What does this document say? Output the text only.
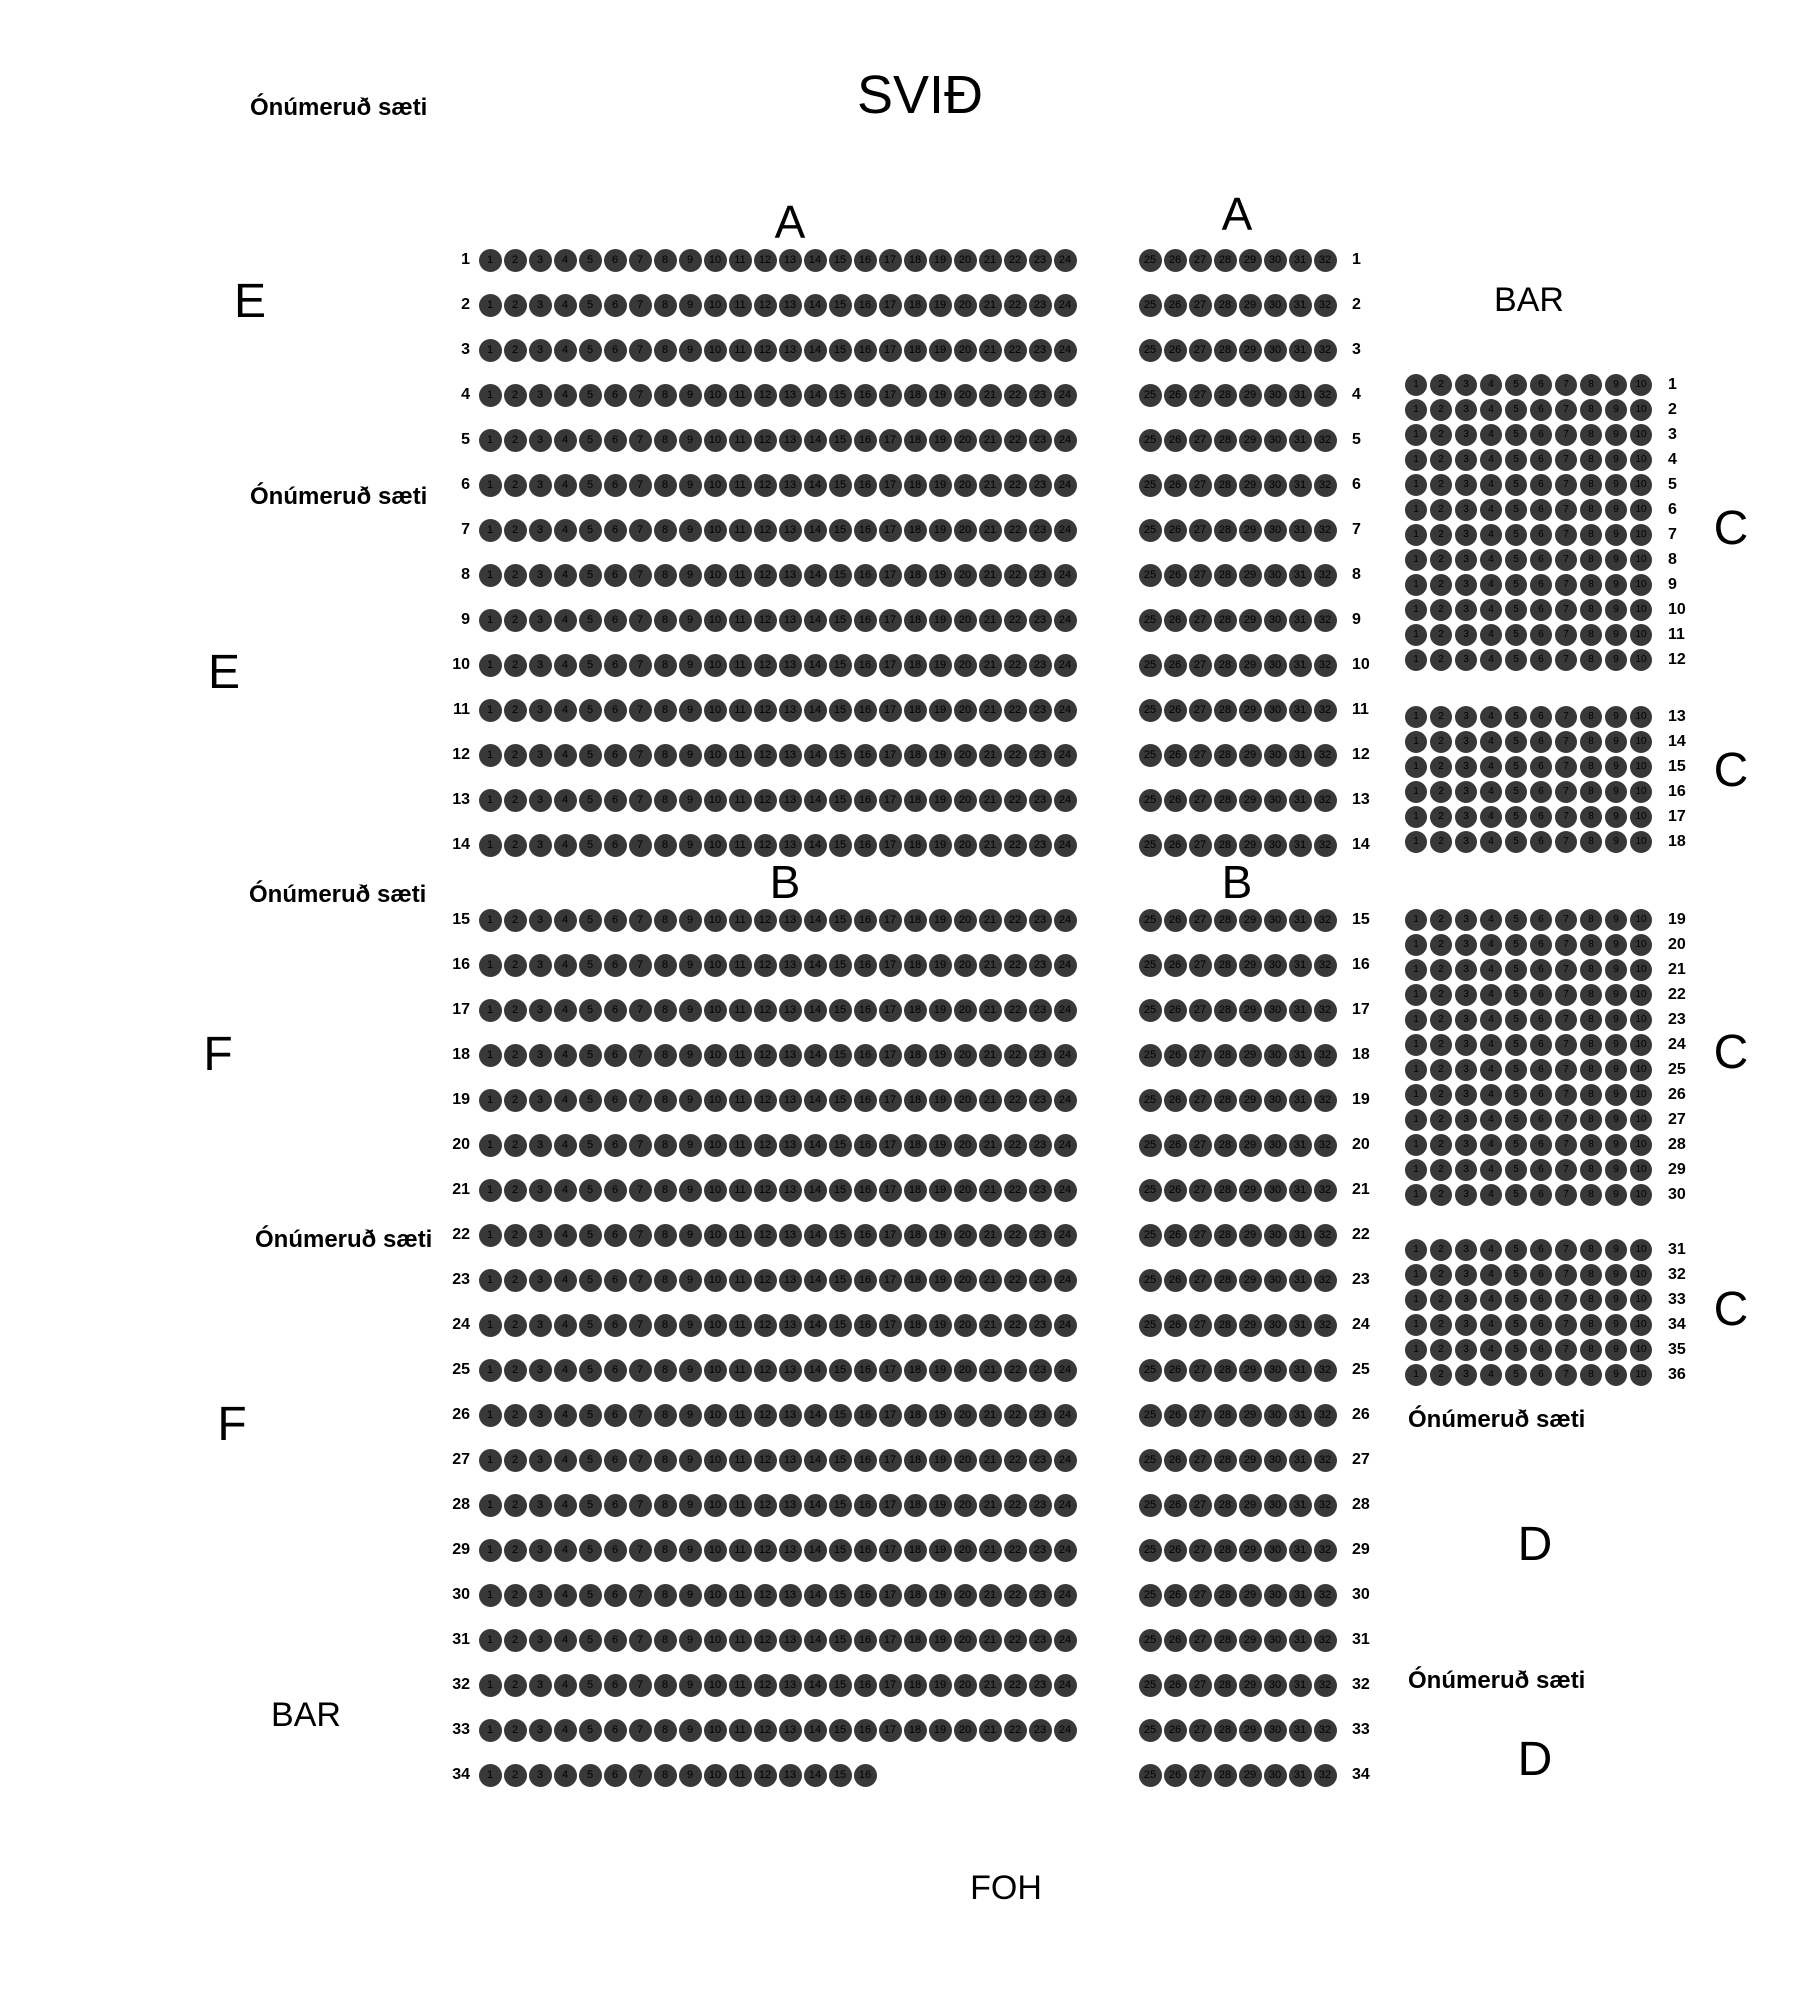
SVIÐ
FOH
BAR
BAR
A	A
B	B
E
E
F
F
C
C
C
C
D
D
Ónúmeruð sæti
Ónúmeruð sæti
Ónúmeruð sæti
Ónúmeruð sæti
Ónúmeruð sæti
Ónúmeruð sæti
1	1	2	3	4	5	6	7	8	9	10	11	12	13	14	15	16	17	18	19	20	21	22	23	24	25	26	27	28	29	30	31	32	1
2	1	2	3	4	5	6	7	8	9	10	11	12	13	14	15	16	17	18	19	20	21	22	23	24	25	26	27	28	29	30	31	32	2
3	1	2	3	4	5	6	7	8	9	10	11	12	13	14	15	16	17	18	19	20	21	22	23	24	25	26	27	28	29	30	31	32	3
4	1	2	3	4	5	6	7	8	9	10	11	12	13	14	15	16	17	18	19	20	21	22	23	24	25	26	27	28	29	30	31	32	4
5	1	2	3	4	5	6	7	8	9	10	11	12	13	14	15	16	17	18	19	20	21	22	23	24	25	26	27	28	29	30	31	32	5
6	1	2	3	4	5	6	7	8	9	10	11	12	13	14	15	16	17	18	19	20	21	22	23	24	25	26	27	28	29	30	31	32	6
7	1	2	3	4	5	6	7	8	9	10	11	12	13	14	15	16	17	18	19	20	21	22	23	24	25	26	27	28	29	30	31	32	7
8	1	2	3	4	5	6	7	8	9	10	11	12	13	14	15	16	17	18	19	20	21	22	23	24	25	26	27	28	29	30	31	32	8
9	1	2	3	4	5	6	7	8	9	10	11	12	13	14	15	16	17	18	19	20	21	22	23	24	25	26	27	28	29	30	31	32	9
10	1	2	3	4	5	6	7	8	9	10	11	12	13	14	15	16	17	18	19	20	21	22	23	24	25	26	27	28	29	30	31	32	10
11	1	2	3	4	5	6	7	8	9	10	11	12	13	14	15	16	17	18	19	20	21	22	23	24	25	26	27	28	29	30	31	32	11
12	1	2	3	4	5	6	7	8	9	10	11	12	13	14	15	16	17	18	19	20	21	22	23	24	25	26	27	28	29	30	31	32	12
13	1	2	3	4	5	6	7	8	9	10	11	12	13	14	15	16	17	18	19	20	21	22	23	24	25	26	27	28	29	30	31	32	13
14	1	2	3	4	5	6	7	8	9	10	11	12	13	14	15	16	17	18	19	20	21	22	23	24	25	26	27	28	29	30	31	32	14
15	1	2	3	4	5	6	7	8	9	10	11	12	13	14	15	16	17	18	19	20	21	22	23	24	25	26	27	28	29	30	31	32	15
16	1	2	3	4	5	6	7	8	9	10	11	12	13	14	15	16	17	18	19	20	21	22	23	24	25	26	27	28	29	30	31	32	16
17	1	2	3	4	5	6	7	8	9	10	11	12	13	14	15	16	17	18	19	20	21	22	23	24	25	26	27	28	29	30	31	32	17
18	1	2	3	4	5	6	7	8	9	10	11	12	13	14	15	16	17	18	19	20	21	22	23	24	25	26	27	28	29	30	31	32	18
19	1	2	3	4	5	6	7	8	9	10	11	12	13	14	15	16	17	18	19	20	21	22	23	24	25	26	27	28	29	30	31	32	19
20	1	2	3	4	5	6	7	8	9	10	11	12	13	14	15	16	17	18	19	20	21	22	23	24	25	26	27	28	29	30	31	32	20
21	1	2	3	4	5	6	7	8	9	10	11	12	13	14	15	16	17	18	19	20	21	22	23	24	25	26	27	28	29	30	31	32	21
22	1	2	3	4	5	6	7	8	9	10	11	12	13	14	15	16	17	18	19	20	21	22	23	24	25	26	27	28	29	30	31	32	22
23	1	2	3	4	5	6	7	8	9	10	11	12	13	14	15	16	17	18	19	20	21	22	23	24	25	26	27	28	29	30	31	32	23
24	1	2	3	4	5	6	7	8	9	10	11	12	13	14	15	16	17	18	19	20	21	22	23	24	25	26	27	28	29	30	31	32	24
25	1	2	3	4	5	6	7	8	9	10	11	12	13	14	15	16	17	18	19	20	21	22	23	24	25	26	27	28	29	30	31	32	25
26	1	2	3	4	5	6	7	8	9	10	11	12	13	14	15	16	17	18	19	20	21	22	23	24	25	26	27	28	29	30	31	32	26
27	1	2	3	4	5	6	7	8	9	10	11	12	13	14	15	16	17	18	19	20	21	22	23	24	25	26	27	28	29	30	31	32	27
28	1	2	3	4	5	6	7	8	9	10	11	12	13	14	15	16	17	18	19	20	21	22	23	24	25	26	27	28	29	30	31	32	28
29	1	2	3	4	5	6	7	8	9	10	11	12	13	14	15	16	17	18	19	20	21	22	23	24	25	26	27	28	29	30	31	32	29
30	1	2	3	4	5	6	7	8	9	10	11	12	13	14	15	16	17	18	19	20	21	22	23	24	25	26	27	28	29	30	31	32	30
31	1	2	3	4	5	6	7	8	9	10	11	12	13	14	15	16	17	18	19	20	21	22	23	24	25	26	27	28	29	30	31	32	31
32	1	2	3	4	5	6	7	8	9	10	11	12	13	14	15	16	17	18	19	20	21	22	23	24	25	26	27	28	29	30	31	32	32
33	1	2	3	4	5	6	7	8	9	10	11	12	13	14	15	16	17	18	19	20	21	22	23	24	25	26	27	28	29	30	31	32	33
34	1	2	3	4	5	6	7	8	9	10	11	12	13	14	15	16	25	26	27	28	29	30	31	32	34
1	2	3	4	5	6	7	8	9	10	1
1	2	3	4	5	6	7	8	9	10	2
1	2	3	4	5	6	7	8	9	10	3
1	2	3	4	5	6	7	8	9	10	4
1	2	3	4	5	6	7	8	9	10	5
1	2	3	4	5	6	7	8	9	10	6
1	2	3	4	5	6	7	8	9	10	7
1	2	3	4	5	6	7	8	9	10	8
1	2	3	4	5	6	7	8	9	10	9
1	2	3	4	5	6	7	8	9	10	10
1	2	3	4	5	6	7	8	9	10	11
1	2	3	4	5	6	7	8	9	10	12
1	2	3	4	5	6	7	8	9	10	13
1	2	3	4	5	6	7	8	9	10	14
1	2	3	4	5	6	7	8	9	10	15
1	2	3	4	5	6	7	8	9	10	16
1	2	3	4	5	6	7	8	9	10	17
1	2	3	4	5	6	7	8	9	10	18
1	2	3	4	5	6	7	8	9	10	19
1	2	3	4	5	6	7	8	9	10	20
1	2	3	4	5	6	7	8	9	10	21
1	2	3	4	5	6	7	8	9	10	22
1	2	3	4	5	6	7	8	9	10	23
1	2	3	4	5	6	7	8	9	10	24
1	2	3	4	5	6	7	8	9	10	25
1	2	3	4	5	6	7	8	9	10	26
1	2	3	4	5	6	7	8	9	10	27
1	2	3	4	5	6	7	8	9	10	28
1	2	3	4	5	6	7	8	9	10	29
1	2	3	4	5	6	7	8	9	10	30
1	2	3	4	5	6	7	8	9	10	31
1	2	3	4	5	6	7	8	9	10	32
1	2	3	4	5	6	7	8	9	10	33
1	2	3	4	5	6	7	8	9	10	34
1	2	3	4	5	6	7	8	9	10	35
1	2	3	4	5	6	7	8	9	10	36
